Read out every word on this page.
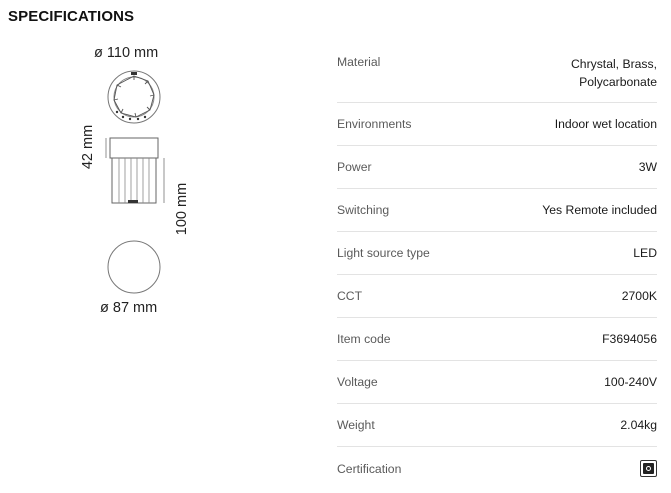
SPECIFICATIONS
ø 110 mm
42 mm
100 mm
ø 87 mm
Material	Chrystal, Brass,
Polycarbonate
Environments	Indoor wet location
Power	3W
Switching	Yes Remote included
Light source type	LED
CCT	2700K
Item code	F3694056
Voltage	100-240V
Weight	2.04kg
Certification
